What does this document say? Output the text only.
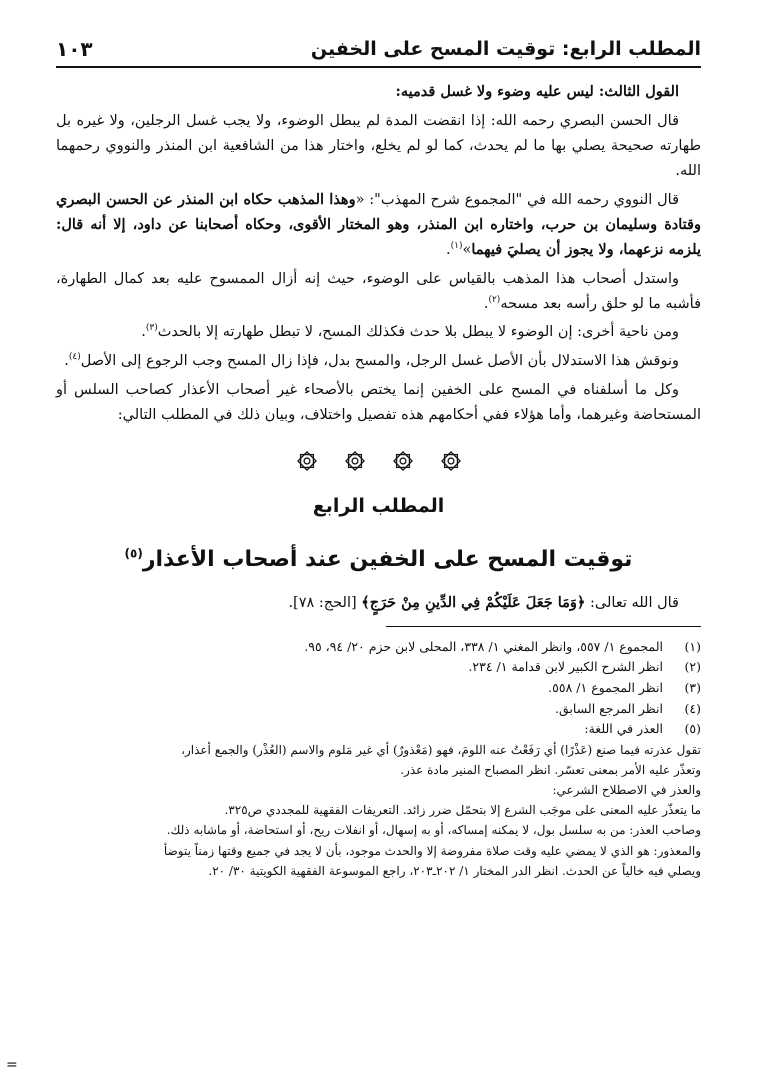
المطلب الرابع: توقيت المسح على الخفين
١٠٣

القول الثالث: ليس عليه وضوء ولا غسل قدميه:

قال الحسن البصري رحمه الله: إذا انقضت المدة لم يبطل الوضوء، ولا يجب غسل الرجلين، ولا غيره بل طهارته صحيحة يصلي بها ما لم يحدث، كما لو لم يخلع، واختار هذا من الشافعية ابن المنذر والنووي رحمهما الله.

قال النووي رحمه الله في "المجموع شرح المهذب": «وهذا المذهب حكاه ابن المنذر عن الحسن البصري وقتادة وسليمان بن حرب، واختاره ابن المنذر، وهو المختار الأقوى، وحكاه أصحابنا عن داود، إلا أنه قال: يلزمه نزعهما، ولا يجوز أن يصليَ فيهما»$^{(١)}$.

واستدل أصحاب هذا المذهب بالقياس على الوضوء، حيث إنه أزال الممسوح عليه بعد كمال الطهارة، فأشبه ما لو حلق رأسه بعد مسحه$^{(٢)}$.

ومن ناحية أخرى: إن الوضوء لا يبطل بلا حدث فكذلك المسح، لا تبطل طهارته إلا بالحدث$^{(٣)}$.

ونوقش هذا الاستدلال بأن الأصل غسل الرجل، والمسح بدل، فإذا زال المسح وجب الرجوع إلى الأصل$^{(٤)}$.

وكل ما أسلفناه في المسح على الخفين إنما يختص بالأصحاء غير أصحاب الأعذار كصاحب السلس أو المستحاضة وغيرهما، وأما هؤلاء ففي أحكامهم هذه تفصيل واختلاف، وبيان ذلك في المطلب التالي:

المطلب الرابع
توقيت المسح على الخفين عند أصحاب الأعذار$^{(٥)}$

قال الله تعالى: ﴿وَمَا جَعَلَ عَلَيْكُمْ فِي الدِّينِ مِنْ حَرَجٍ﴾ [الحج: ٧٨].

(١)
المجموع ١/ ٥٥٧، وانظر المغني ١/ ٣٣٨، المحلى لابن حزم ٢٠/ ٩٤، ٩٥.
(٢)
انظر الشرح الكبير لابن قدامة ١/ ٢٣٤.
(٣)
انظر المجموع ١/ ٥٥٨.
(٤)
انظر المرجع السابق.
(٥)
العذر في اللغة:
تقول عذرته فيما صنع (عَذْرًا) أي رَفَعْتُ عنه اللومَ، فهو (مَعْذورٌ) أي غير مَلوم والاسم (العُذْر) والجمع أعذار،
وتعذّر عليه الأمر بمعنى تعسّر. انظر المصباح المنير مادة عذر.
والعذر في الاصطلاح الشرعي:
ما يتعذّر عليه المعنى على موجَب الشرع إلا بتحمّل ضرر زائد. التعريفات الفقهية للمجددي ص٣٢٥.
وصاحب العذر: من به سلسل بول، لا يمكنه إمساكه، أو به إسهال، أو انفلات ريح، أو استحاضة، أو ماشابه ذلك.
والمعذور: هو الذي لا يمضي عليه وقت صلاة مفروضة إلا والحدث موجود، بأن لا يجد في جميع وقتها زمناً يتوضأ
ويصلي فيه خالياً عن الحدث. انظر الدر المختار ١/ ٢٠٢ـ٢٠٣، راجع الموسوعة الفقهية الكويتية ٣٠/ ٢٠.
=
